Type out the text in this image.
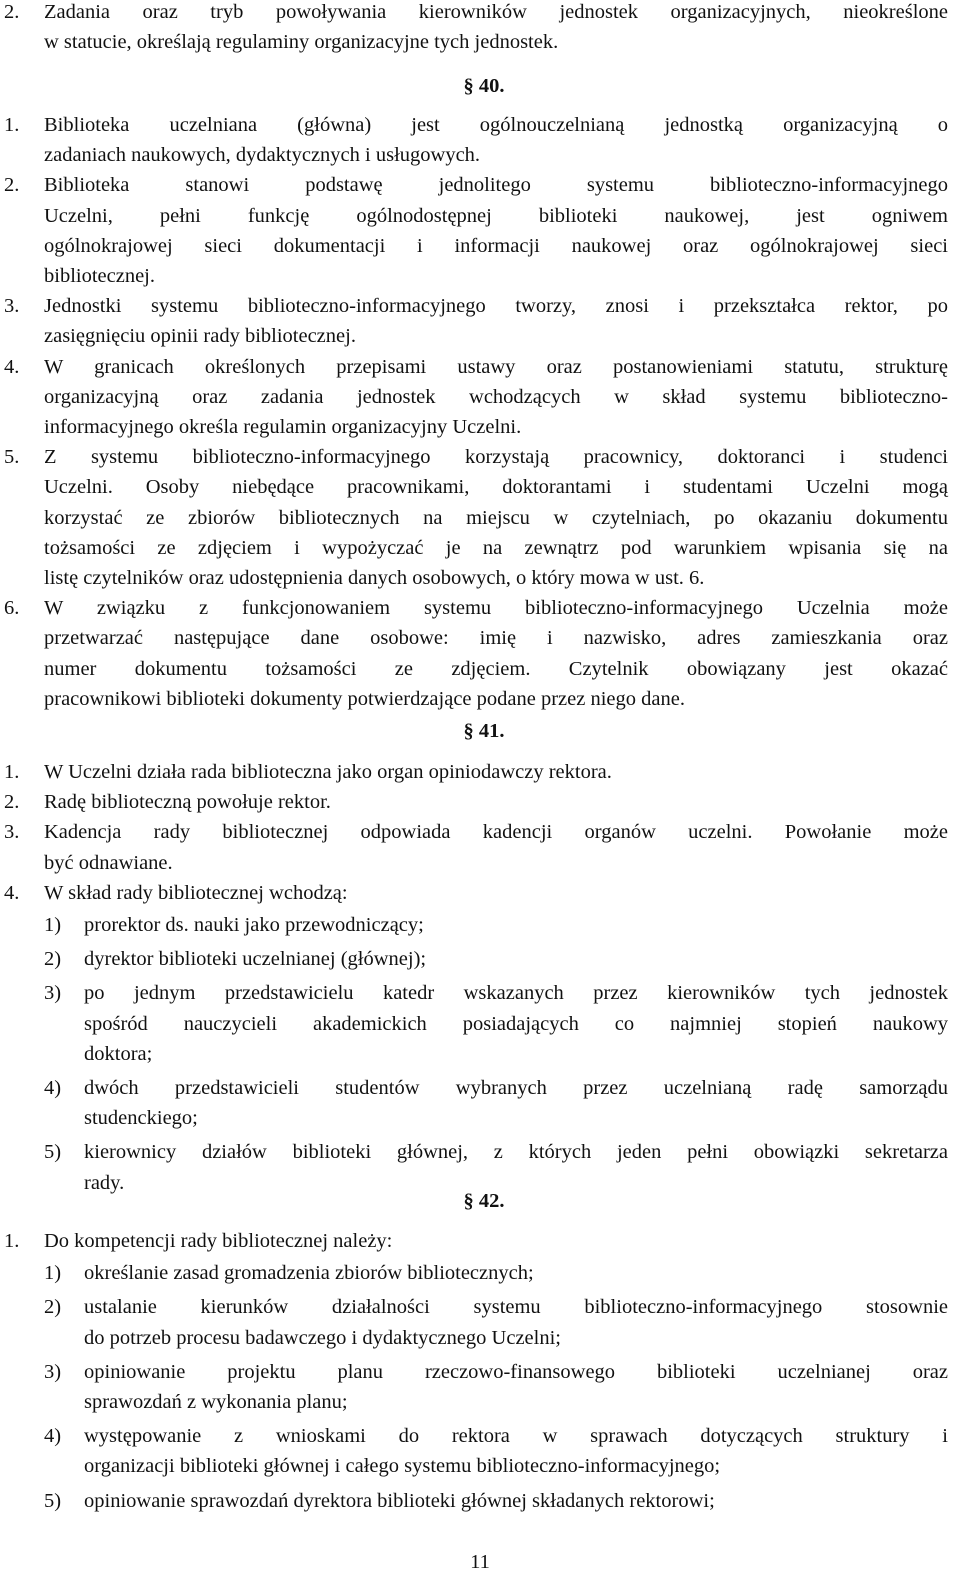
2. Zadania oraz tryb powoływania kierowników jednostek organizacyjnych, nieokreślone
w statucie, określają regulaminy organizacyjne tych jednostek.
§ 40.
1. Biblioteka uczelniana (główna) jest ogólnouczelnianą jednostką organizacyjną o
zadaniach naukowych, dydaktycznych i usługowych.
2. Biblioteka stanowi podstawę jednolitego systemu biblioteczno-informacyjnego
Uczelni, pełni funkcję ogólnodostępnej biblioteki naukowej, jest ogniwem
ogólnokrajowej sieci dokumentacji i informacji naukowej oraz ogólnokrajowej sieci
bibliotecznej.
3. Jednostki systemu biblioteczno-informacyjnego tworzy, znosi i przekształca rektor, po
zasięgnięciu opinii rady bibliotecznej.
4. W granicach określonych przepisami ustawy oraz postanowieniami statutu, strukturę
organizacyjną oraz zadania jednostek wchodzących w skład systemu biblioteczno-
informacyjnego określa regulamin organizacyjny Uczelni.
5. Z systemu biblioteczno-informacyjnego korzystają pracownicy, doktoranci i studenci
Uczelni. Osoby niebędące pracownikami, doktorantami i studentami Uczelni mogą
korzystać ze zbiorów bibliotecznych na miejscu w czytelniach, po okazaniu dokumentu
tożsamości ze zdjęciem i wypożyczać je na zewnątrz pod warunkiem wpisania się na
listę czytelników oraz udostępnienia danych osobowych, o który mowa w ust. 6.
6. W związku z funkcjonowaniem systemu biblioteczno-informacyjnego Uczelnia może
przetwarzać następujące dane osobowe: imię i nazwisko, adres zamieszkania oraz
numer dokumentu tożsamości ze zdjęciem. Czytelnik obowiązany jest okazać
pracownikowi biblioteki dokumenty potwierdzające podane przez niego dane.
§ 41.
1. W Uczelni działa rada biblioteczna jako organ opiniodawczy rektora.
2. Radę biblioteczną powołuje rektor.
3. Kadencja rady bibliotecznej odpowiada kadencji organów uczelni. Powołanie może
być odnawiane.
4. W skład rady bibliotecznej wchodzą:
1) prorektor ds. nauki jako przewodniczący;
2) dyrektor biblioteki uczelnianej (głównej);
3) po jednym przedstawicielu katedr wskazanych przez kierowników tych jednostek
spośród nauczycieli akademickich posiadających co najmniej stopień naukowy
doktora;
4) dwóch przedstawicieli studentów wybranych przez uczelnianą radę samorządu
studenckiego;
5) kierownicy działów biblioteki głównej, z których jeden pełni obowiązki sekretarza
rady.
§ 42.
1. Do kompetencji rady bibliotecznej należy:
1) określanie zasad gromadzenia zbiorów bibliotecznych;
2) ustalanie kierunków działalności systemu biblioteczno-informacyjnego stosownie
do potrzeb procesu badawczego i dydaktycznego Uczelni;
3) opiniowanie projektu planu rzeczowo-finansowego biblioteki uczelnianej oraz
sprawozdań z wykonania planu;
4) występowanie z wnioskami do rektora w sprawach dotyczących struktury i
organizacji biblioteki głównej i całego systemu biblioteczno-informacyjnego;
5) opiniowanie sprawozdań dyrektora biblioteki głównej składanych rektorowi;
11
